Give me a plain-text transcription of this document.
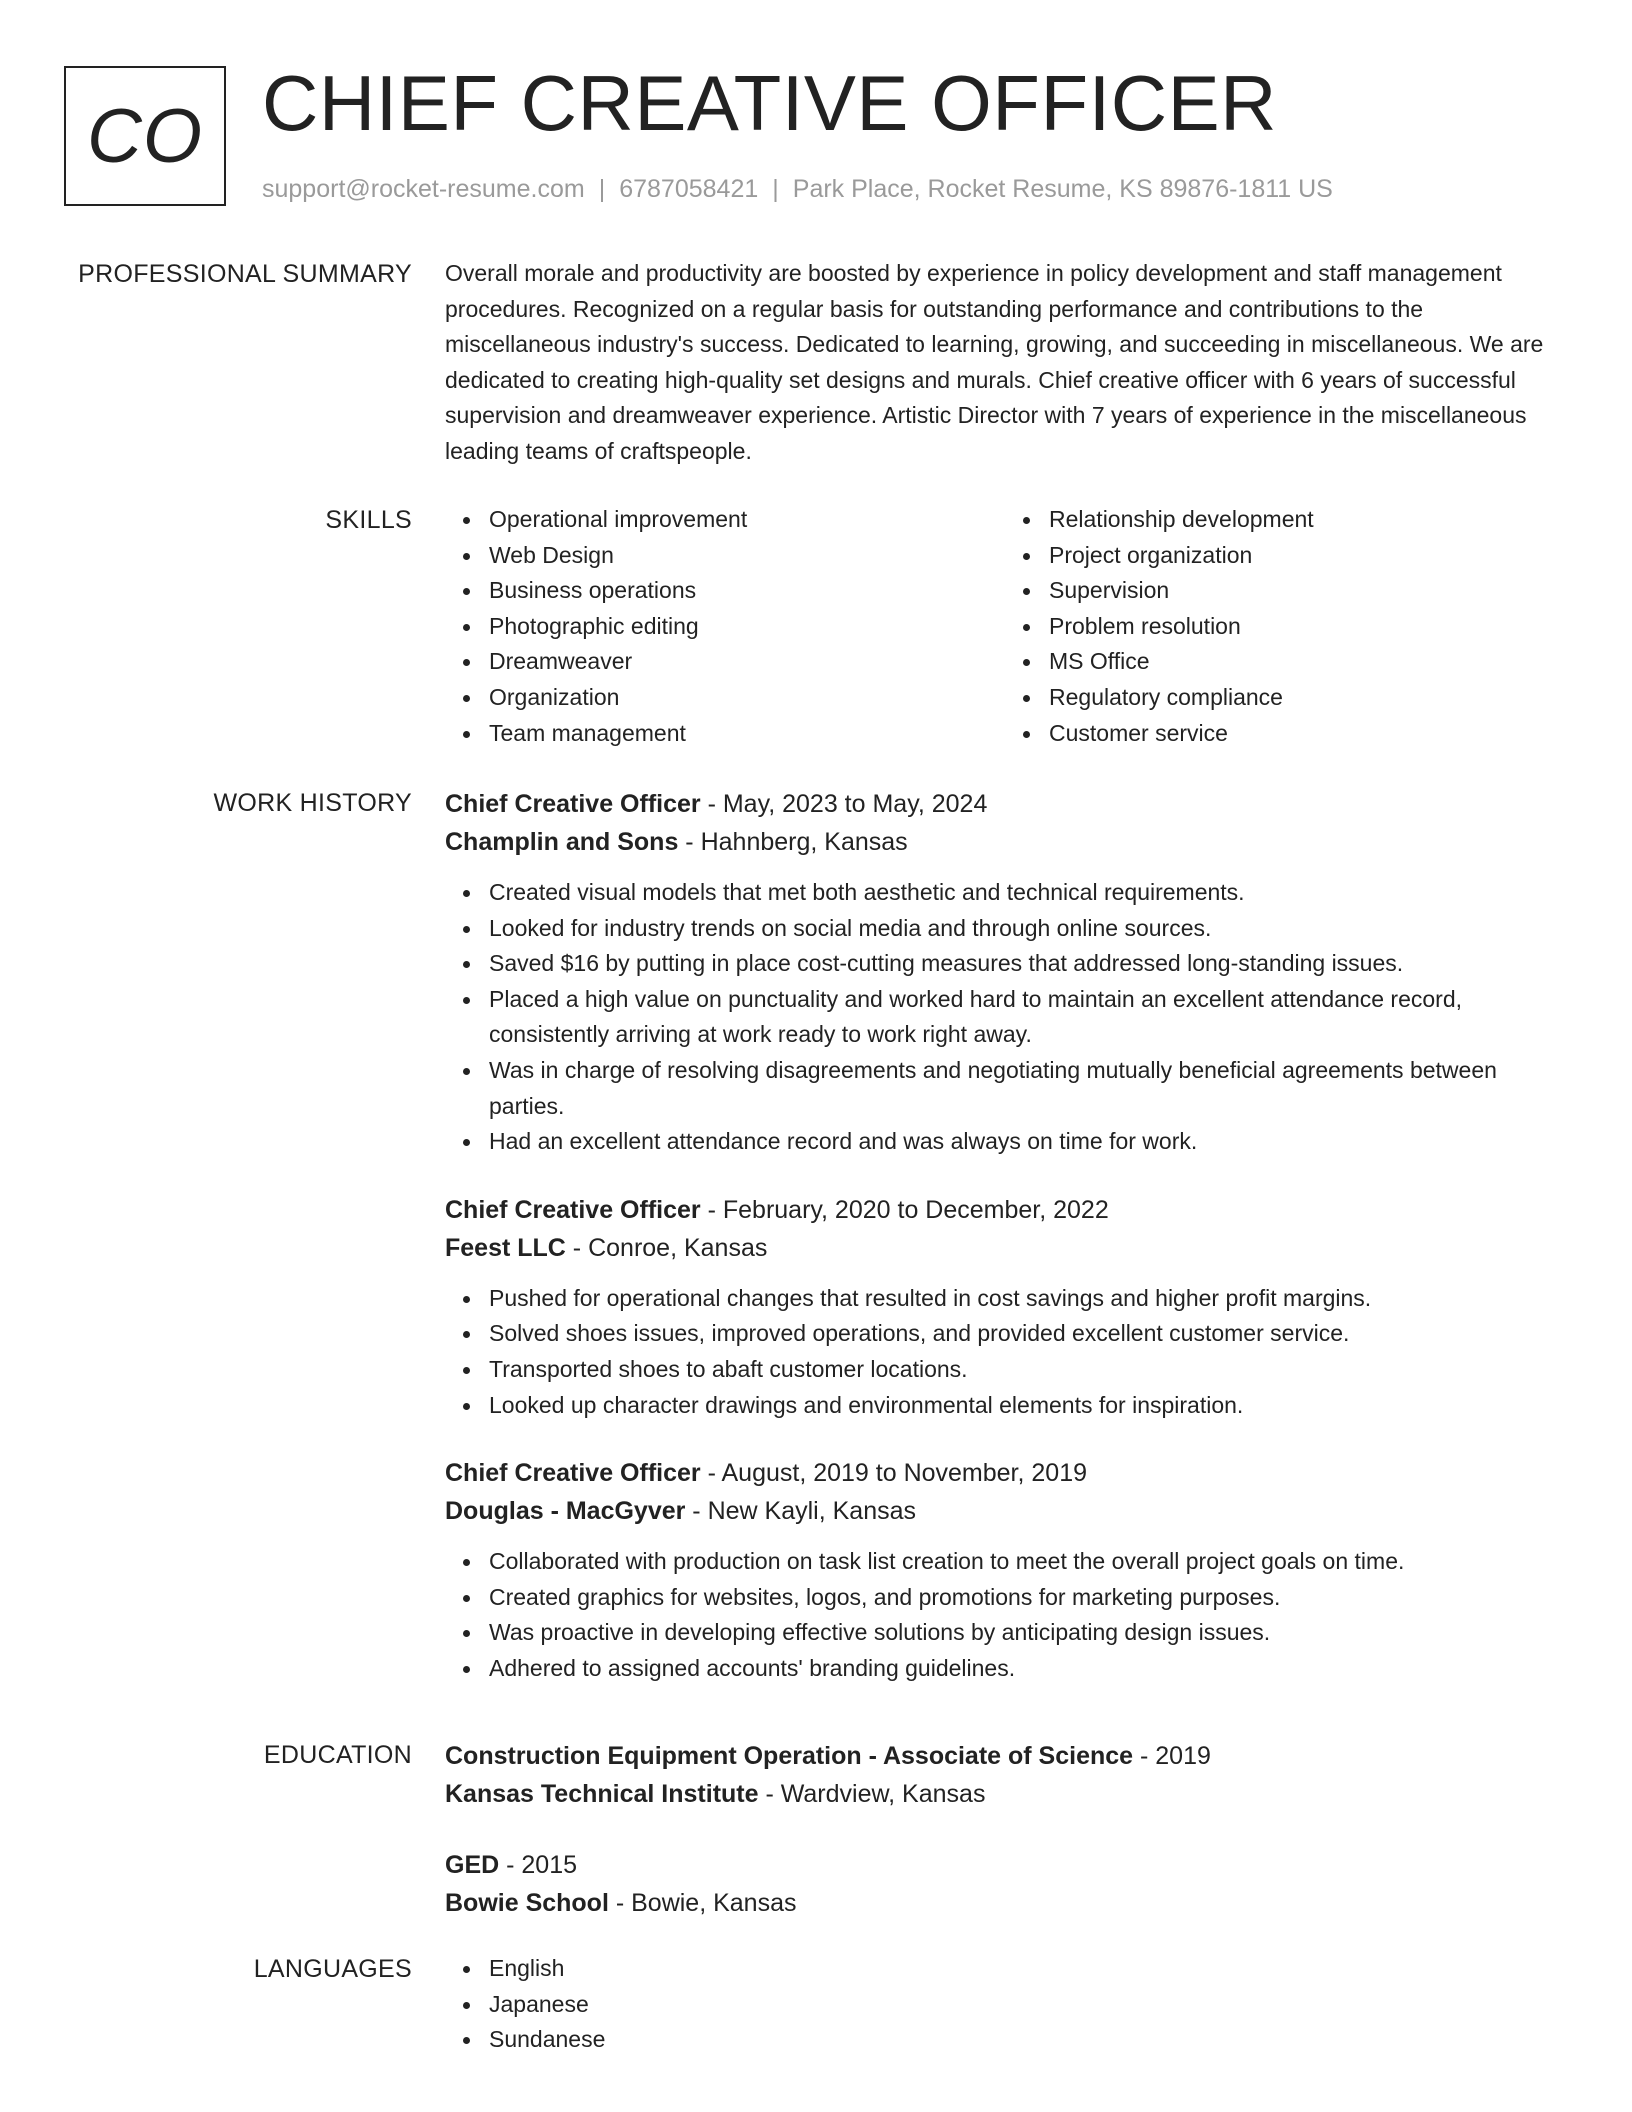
CO CHIEF CREATIVE OFFICER
support@rocket-resume.com | 6787058421 | Park Place, Rocket Resume, KS 89876-1811 US
PROFESSIONAL SUMMARY Overall morale and productivity are boosted by experience in policy development and staff management procedures. Recognized on a regular basis for outstanding performance and contributions to the miscellaneous industry's success. Dedicated to learning, growing, and succeeding in miscellaneous. We are dedicated to creating high-quality set designs and murals. Chief creative officer with 6 years of successful supervision and dreamweaver experience. Artistic Director with 7 years of experience in the miscellaneous leading teams of craftspeople.

SKILLS	Operational improvement
Web Design
Business operations
Photographic editing
Dreamweaver
Organization
Team management
Relationship development
Project organization
Supervision
Problem resolution
MS Office
Regulatory compliance
Customer service
WORK HISTORY Chief Creative Officer - May, 2023 to May, 2024
Champlin and Sons - Hahnberg, Kansas
Created visual models that met both aesthetic and technical requirements.
Looked for industry trends on social media and through online sources.
Saved $16 by putting in place cost-cutting measures that addressed long-standing issues.
Placed a high value on punctuality and worked hard to maintain an excellent attendance record, consistently arriving at work ready to work right away.
Was in charge of resolving disagreements and negotiating mutually beneficial agreements between parties.
Had an excellent attendance record and was always on time for work.
Chief Creative Officer - February, 2020 to December, 2022
Feest LLC - Conroe, Kansas
Pushed for operational changes that resulted in cost savings and higher profit margins.
Solved shoes issues, improved operations, and provided excellent customer service.
Transported shoes to abaft customer locations.
Looked up character drawings and environmental elements for inspiration.
Chief Creative Officer - August, 2019 to November, 2019
Douglas - MacGyver - New Kayli, Kansas
Collaborated with production on task list creation to meet the overall project goals on time.
Created graphics for websites, logos, and promotions for marketing purposes.
Was proactive in developing effective solutions by anticipating design issues.
Adhered to assigned accounts' branding guidelines.
EDUCATION Construction Equipment Operation - Associate of Science - 2019
Kansas Technical Institute - Wardview, Kansas
GED - 2015
Bowie School - Bowie, Kansas
LANGUAGES	English
Japanese
Sundanese
